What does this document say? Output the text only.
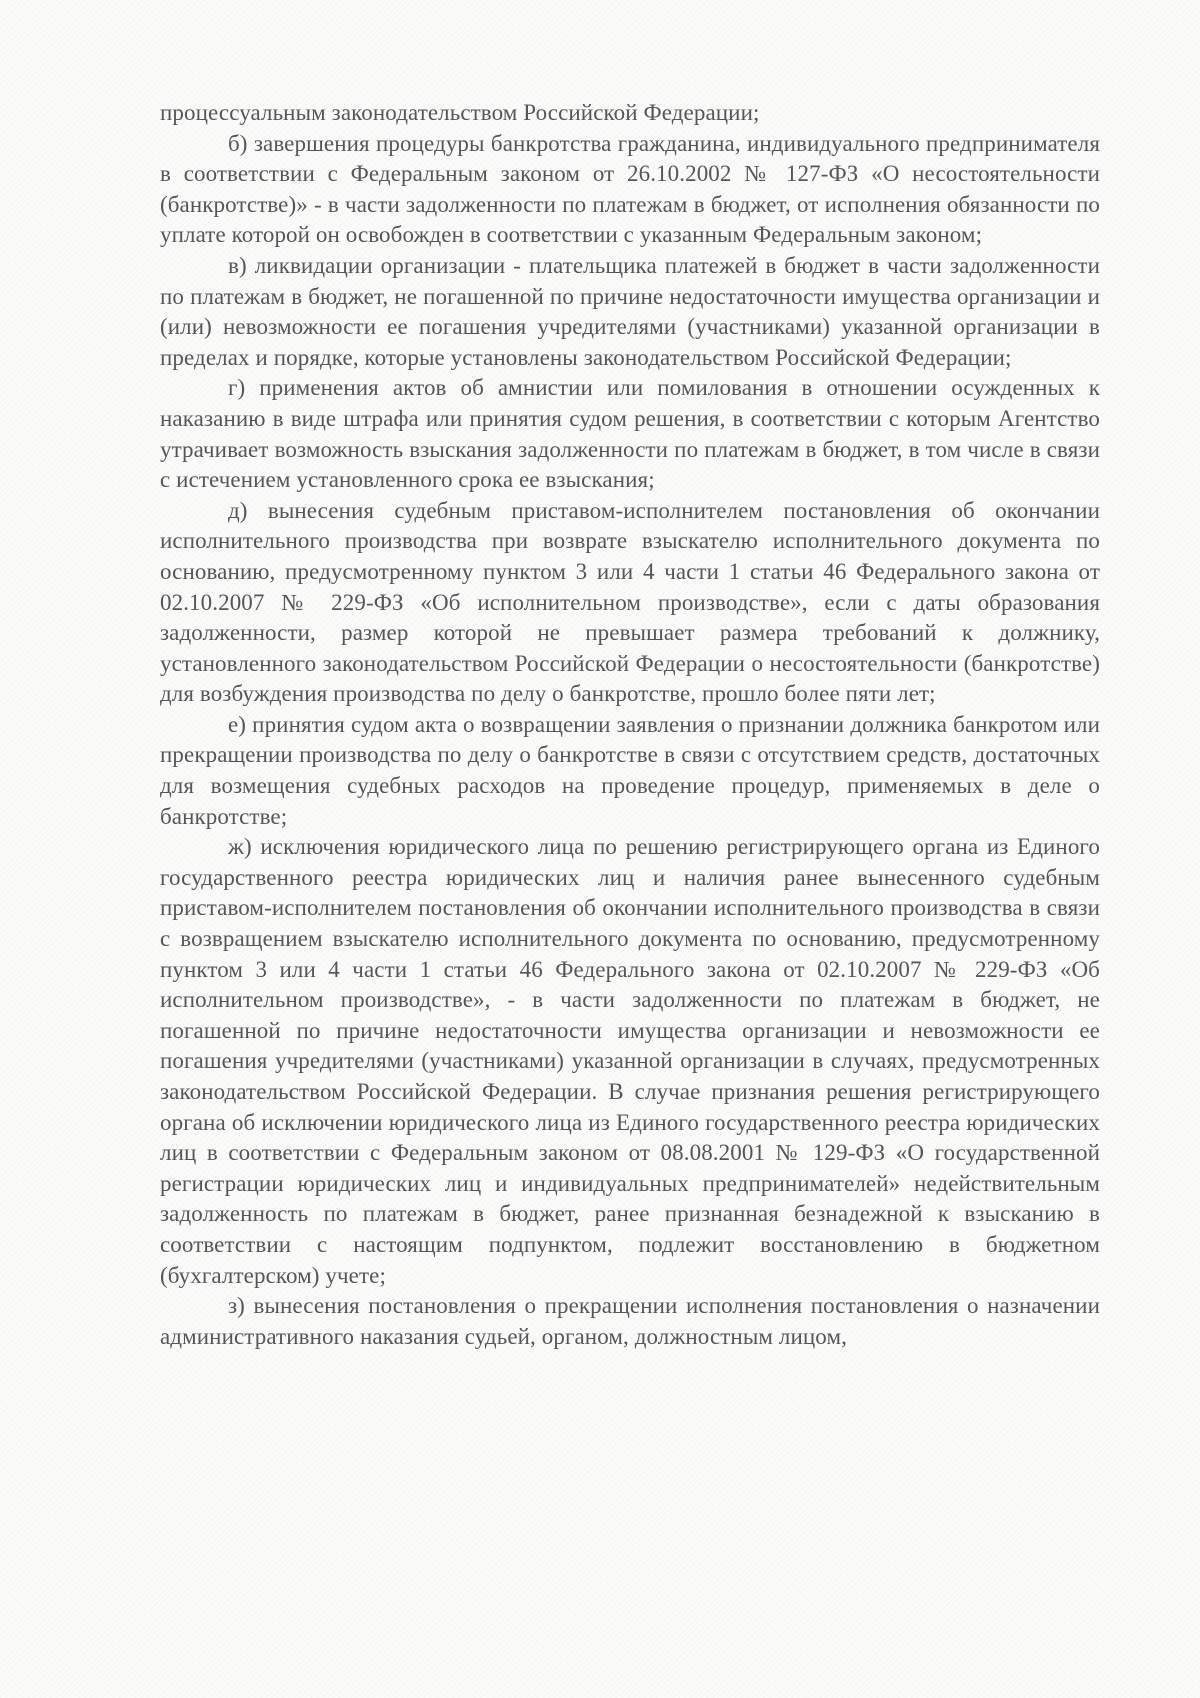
процессуальным законодательством Российской Федерации;

б) завершения процедуры банкротства гражданина, индивидуального предпринимателя в соответствии с Федеральным законом от 26.10.2002 № 127-ФЗ «О несостоятельности (банкротстве)» - в части задолженности по платежам в бюджет, от исполнения обязанности по уплате которой он освобожден в соответствии с указанным Федеральным законом;

в) ликвидации организации - плательщика платежей в бюджет в части задолженности по платежам в бюджет, не погашенной по причине недостаточности имущества организации и (или) невозможности ее погашения учредителями (участниками) указанной организации в пределах и порядке, которые установлены законодательством Российской Федерации;

г) применения актов об амнистии или помилования в отношении осужденных к наказанию в виде штрафа или принятия судом решения, в соответствии с которым Агентство утрачивает возможность взыскания задолженности по платежам в бюджет, в том числе в связи с истечением установленного срока ее взыскания;

д) вынесения судебным приставом-исполнителем постановления об окончании исполнительного производства при возврате взыскателю исполнительного документа по основанию, предусмотренному пунктом 3 или 4 части 1 статьи 46 Федерального закона от 02.10.2007 № 229-ФЗ «Об исполнительном производстве», если с даты образования задолженности, размер которой не превышает размера требований к должнику, установленного законодательством Российской Федерации о несостоятельности (банкротстве) для возбуждения производства по делу о банкротстве, прошло более пяти лет;

е) принятия судом акта о возвращении заявления о признании должника банкротом или прекращении производства по делу о банкротстве в связи с отсутствием средств, достаточных для возмещения судебных расходов на проведение процедур, применяемых в деле о банкротстве;

ж) исключения юридического лица по решению регистрирующего органа из Единого государственного реестра юридических лиц и наличия ранее вынесенного судебным приставом-исполнителем постановления об окончании исполнительного производства в связи с возвращением взыскателю исполнительного документа по основанию, предусмотренному пунктом 3 или 4 части 1 статьи 46 Федерального закона от 02.10.2007 № 229-ФЗ «Об исполнительном производстве», - в части задолженности по платежам в бюджет, не погашенной по причине недостаточности имущества организации и невозможности ее погашения учредителями (участниками) указанной организации в случаях, предусмотренных законодательством Российской Федерации. В случае признания решения регистрирующего органа об исключении юридического лица из Единого государственного реестра юридических лиц в соответствии с Федеральным законом от 08.08.2001 № 129-ФЗ «О государственной регистрации юридических лиц и индивидуальных предпринимателей» недействительным задолженность по платежам в бюджет, ранее признанная безнадежной к взысканию в соответствии с настоящим подпунктом, подлежит восстановлению в бюджетном (бухгалтерском) учете;

з) вынесения постановления о прекращении исполнения постановления о назначении административного наказания судьей, органом, должностным лицом,
